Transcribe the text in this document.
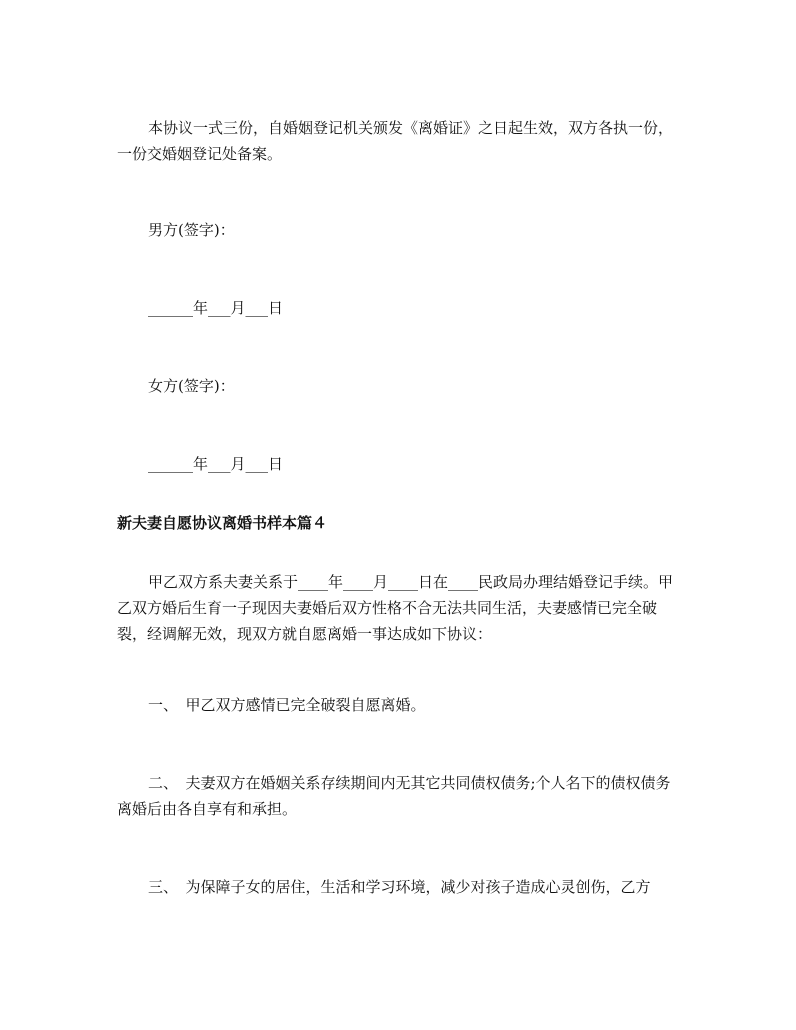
本协议一式三份，自婚姻登记机关颁发《离婚证》之日起生效，双方各执一份，一份交婚姻登记处备案。

男方(签字)：

______年___月___日

女方(签字)：

______年___月___日

新夫妻自愿协议离婚书样本篇４

甲乙双方系夫妻关系于____年____月____日在____民政局办理结婚登记手续。甲乙双方婚后生育一子现因夫妻婚后双方性格不合无法共同生活，夫妻感情已完全破裂，经调解无效，现双方就自愿离婚一事达成如下协议：

一、　甲乙双方感情已完全破裂自愿离婚。

二、　夫妻双方在婚姻关系存续期间内无其它共同债权债务;个人名下的债权债务离婚后由各自享有和承担。

三、　为保障子女的居住，生活和学习环境，减少对孩子造成心灵创伤，乙方
